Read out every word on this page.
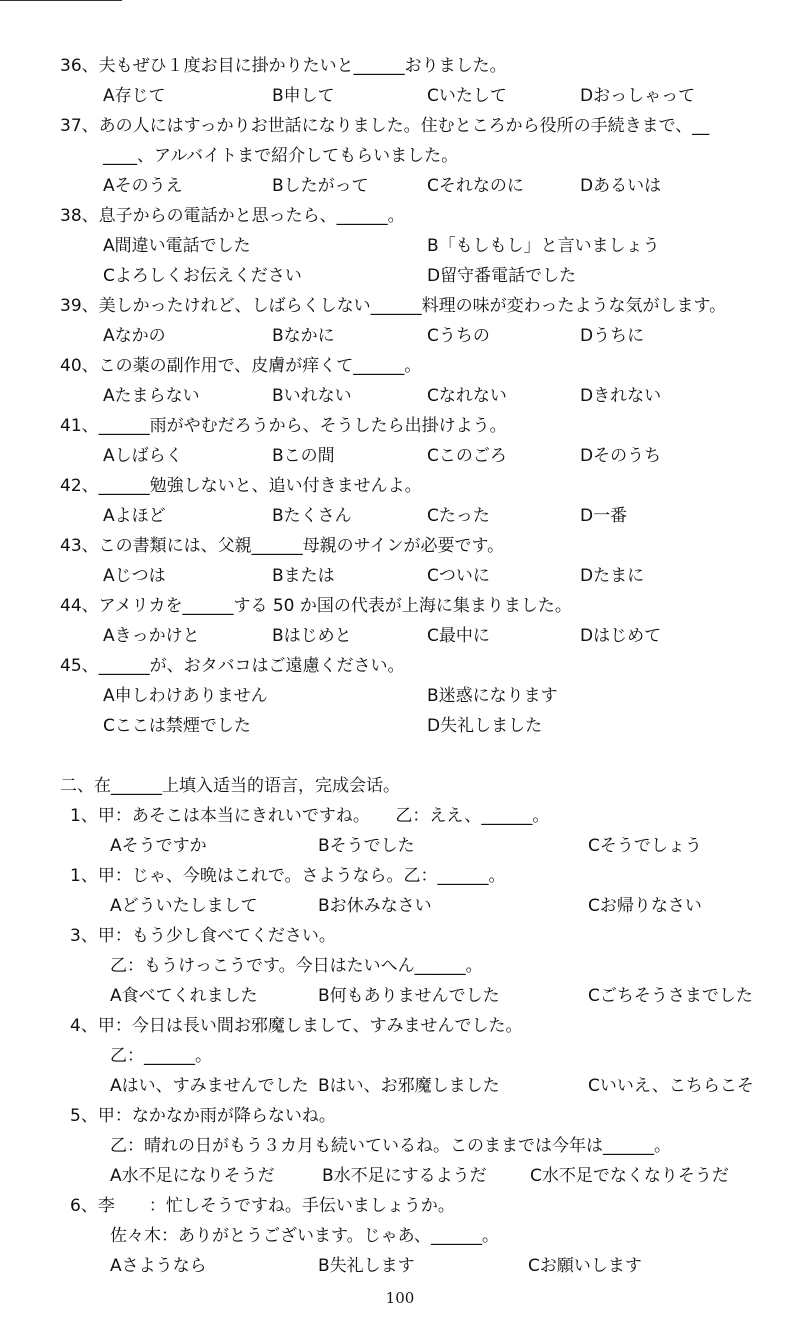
36、夫もぜひ１度お目に掛かりたいと______おりました。
A存じて	B申して	Cいたして	Dおっしゃって
37、あの人にはすっかりお世話になりました。住むところから役所の手続きまで、__
____、アルバイトまで紹介してもらいました。
Aそのうえ	Bしたがって	Cそれなのに	Dあるいは
38、息子からの電話かと思ったら、______。
A間違い電話でした	B「もしもし」と言いましょう
Cよろしくお伝えください	D留守番電話でした
39、美しかったけれど、しばらくしない______料理の味が変わったような気がします。
Aなかの	Bなかに	Cうちの	Dうちに
40、この薬の副作用で、皮膚が痒くて______。
Aたまらない	Bいれない	Cなれない	Dきれない
41、______雨がやむだろうから、そうしたら出掛けよう。
Aしばらく	Bこの間	Cこのごろ	Dそのうち
42、______勉強しないと、追い付きませんよ。
Aよほど	Bたくさん	Cたった	D一番
43、この書類には、父親______母親のサインが必要です。
Aじつは	Bまたは	Cついに	Dたまに
44、アメリカを______する 50 か国の代表が上海に集まりました。
Aきっかけと	Bはじめと	C最中に	Dはじめて
45、______が、おタバコはご遠慮ください。
A申しわけありません	B迷惑になります
Cここは禁煙でした	D失礼しました
二、在______上填入适当的语言，完成会话。
1、甲：あそこは本当にきれいですね。　　乙：ええ、______。
Aそうですか	Bそうでした	Cそうでしょう
1、甲：じゃ、今晩はこれで。さようなら。乙：______。
Aどういたしまして	Bお休みなさい	Cお帰りなさい
3、甲：もう少し食べてください。
乙：もうけっこうです。今日はたいへん______。
A食べてくれました	B何もありませんでした	Cごちそうさまでした
4、甲：今日は長い間お邪魔しまして、すみませんでした。
乙：______。
Aはい、すみませんでした Bはい、お邪魔しました	Cいいえ、こちらこそ
5、甲：なかなか雨が降らないね。
乙：晴れの日がもう３カ月も続いているね。このままでは今年は______。
A水不足になりそうだ	B水不足にするようだ	C水不足でなくなりそうだ
6、李　　：忙しそうですね。手伝いましょうか。
佐々木：ありがとうございます。じゃあ、______。
Aさようなら	B失礼します	Cお願いします
100
